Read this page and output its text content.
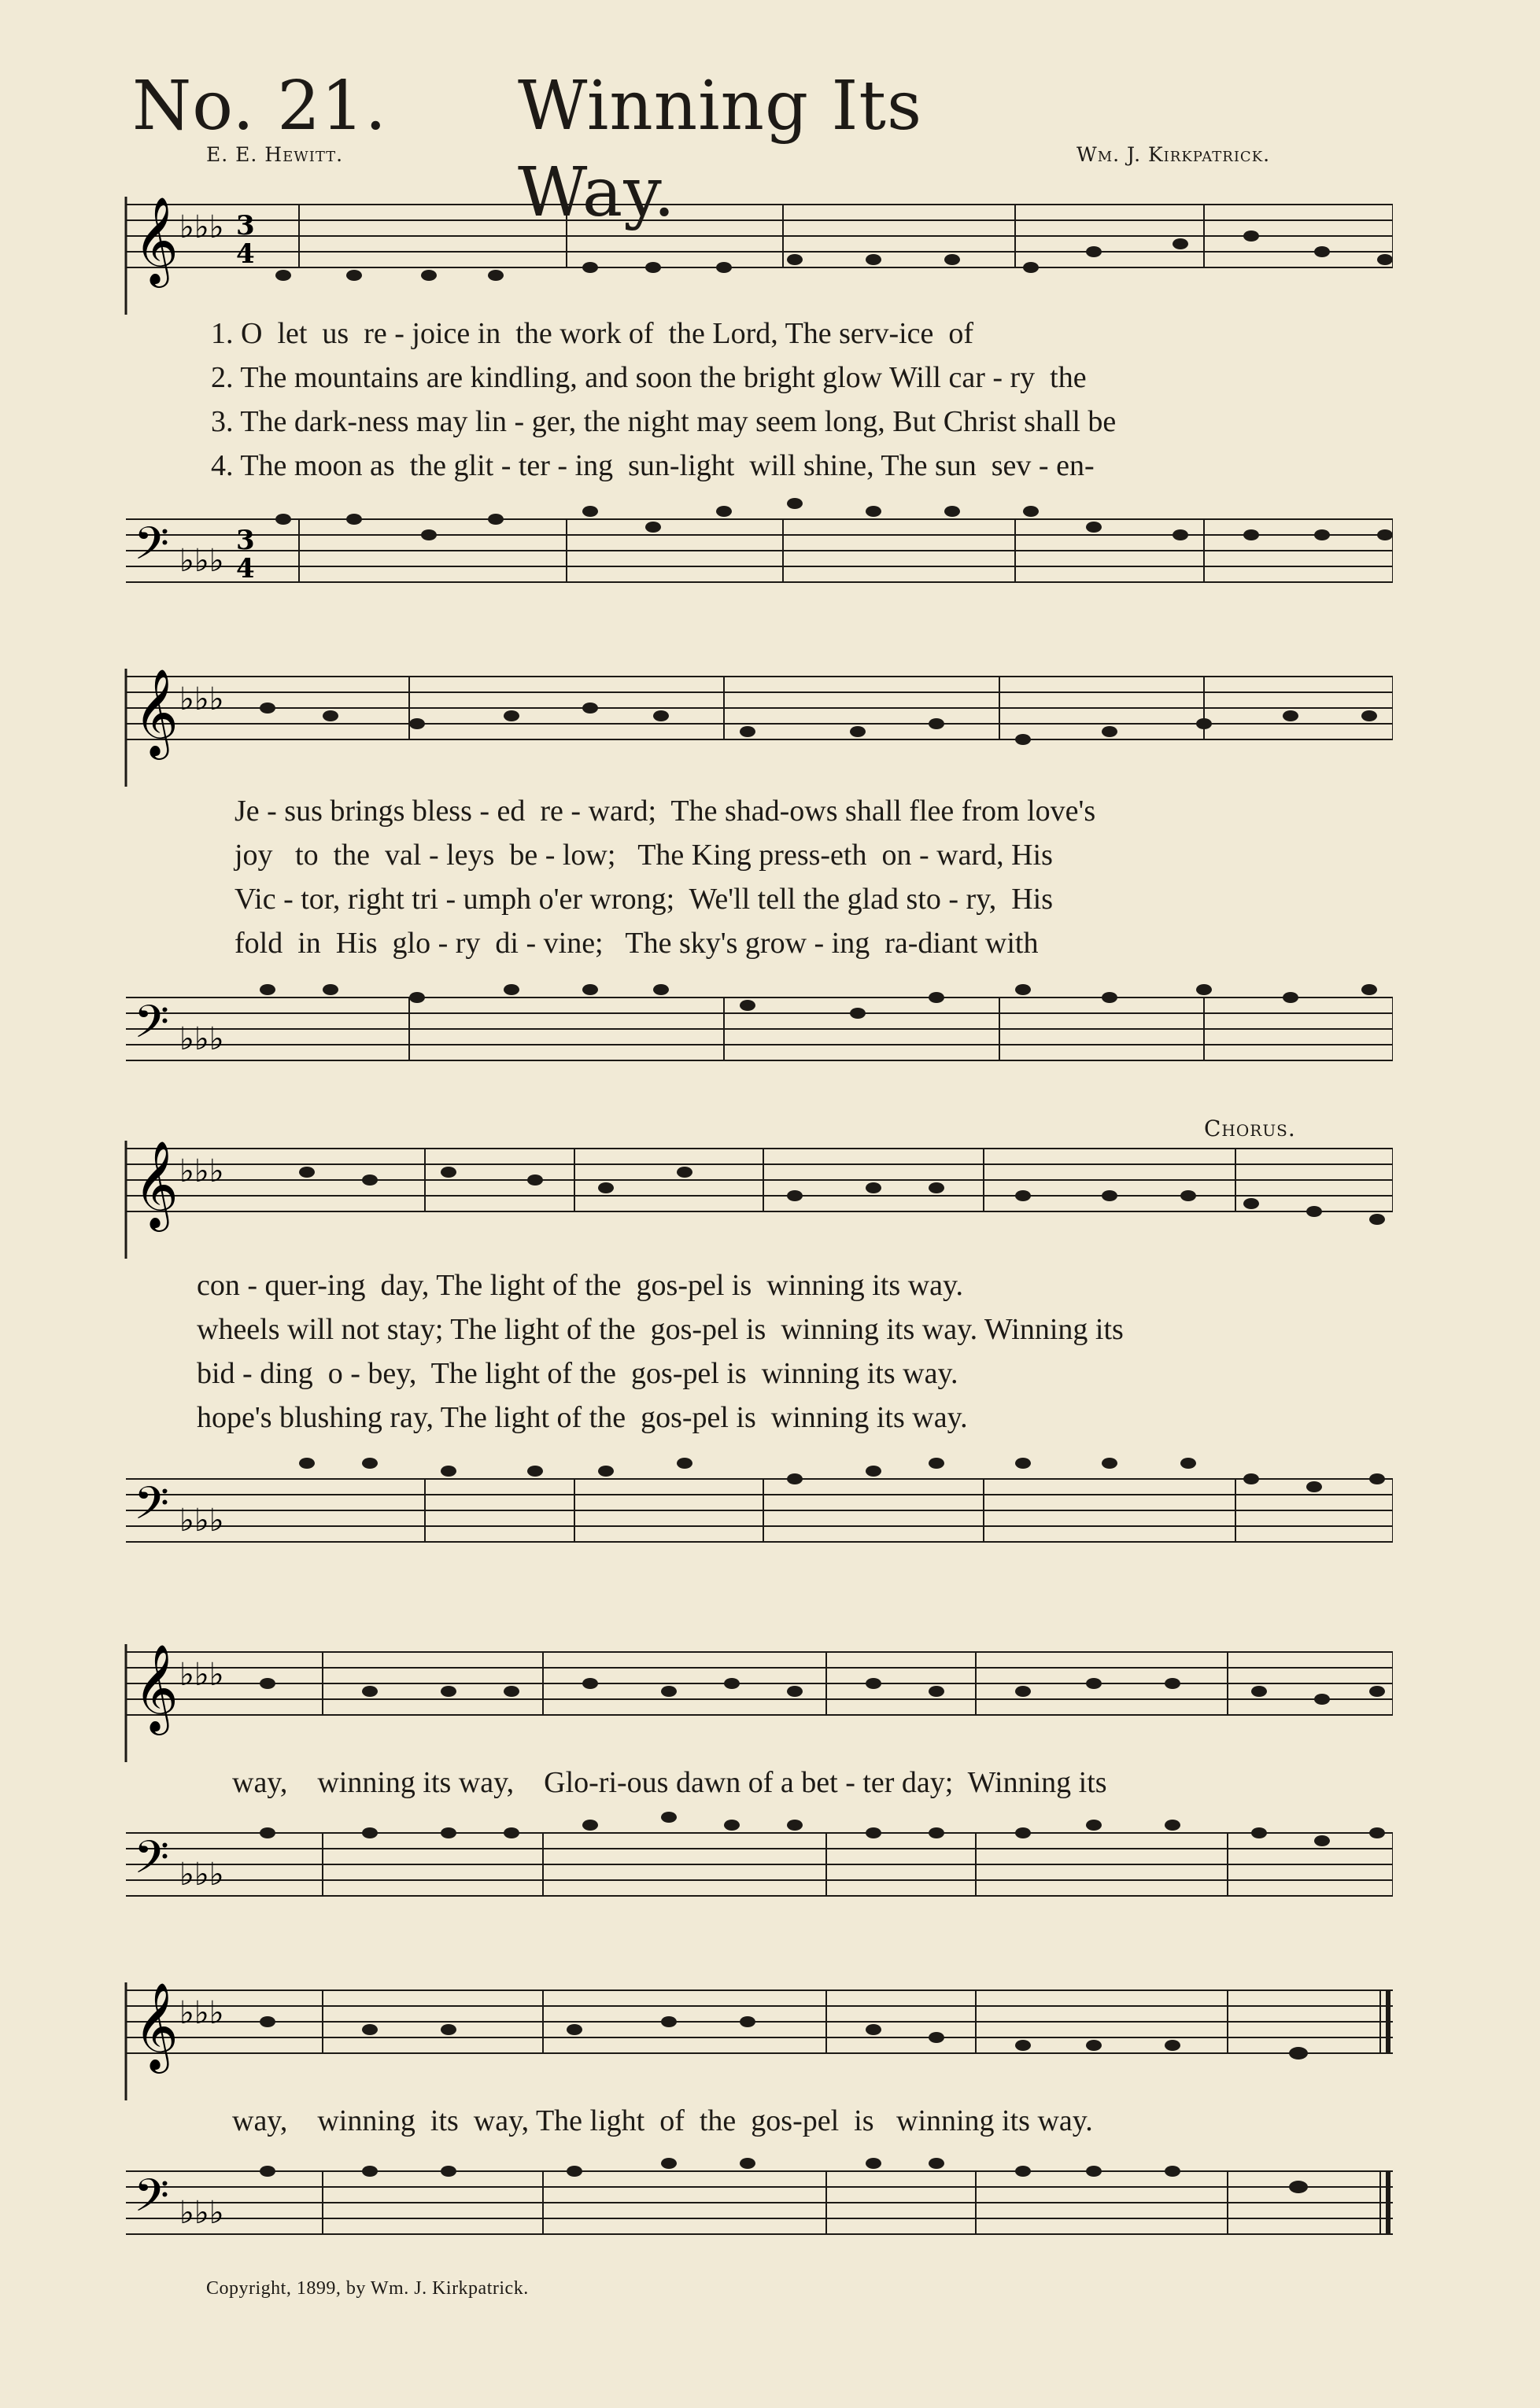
No. 21. Winning Its Way.
E. E. Hewitt.	Wm. J. Kirkpatrick.
𝄞 ♭♭♭ 3
4
1. O  let  us  re - joice in  the work of  the Lord, The serv-ice  of
2. The mountains are kindling, and soon the bright glow Will car - ry  the
3. The dark-ness may lin - ger, the night may seem long, But Christ shall be
4. The moon as  the glit - ter - ing  sun-light  will shine, The sun  sev - en-
𝄢 ♭♭♭
3
4
𝄞 ♭♭♭
Je - sus brings bless - ed  re - ward;  The shad-ows shall flee from love's
joy   to  the  val - leys  be - low;   The King press-eth  on - ward, His
Vic - tor, right tri - umph o'er wrong;  We'll tell the glad sto - ry,  His
fold  in  His  glo - ry  di - vine;   The sky's grow - ing  ra-diant with
𝄢 ♭♭♭
𝄞 ♭♭♭
con - quer-ing  day, The light of the  gos-pel is  winning its way.
wheels will not stay; The light of the  gos-pel is  winning its way. Winning its
bid - ding  o - bey,  The light of the  gos-pel is  winning its way.
hope's blushing ray, The light of the  gos-pel is  winning its way.
𝄢 ♭♭♭
Chorus.
𝄞 ♭♭♭
way,    winning its way,    Glo-ri-ous dawn of a bet - ter day;  Winning its
𝄢 ♭♭♭
𝄞 ♭♭♭
way,    winning  its  way, The light  of  the  gos-pel  is   winning its way.
𝄢 ♭♭♭
Copyright, 1899, by Wm. J. Kirkpatrick.
